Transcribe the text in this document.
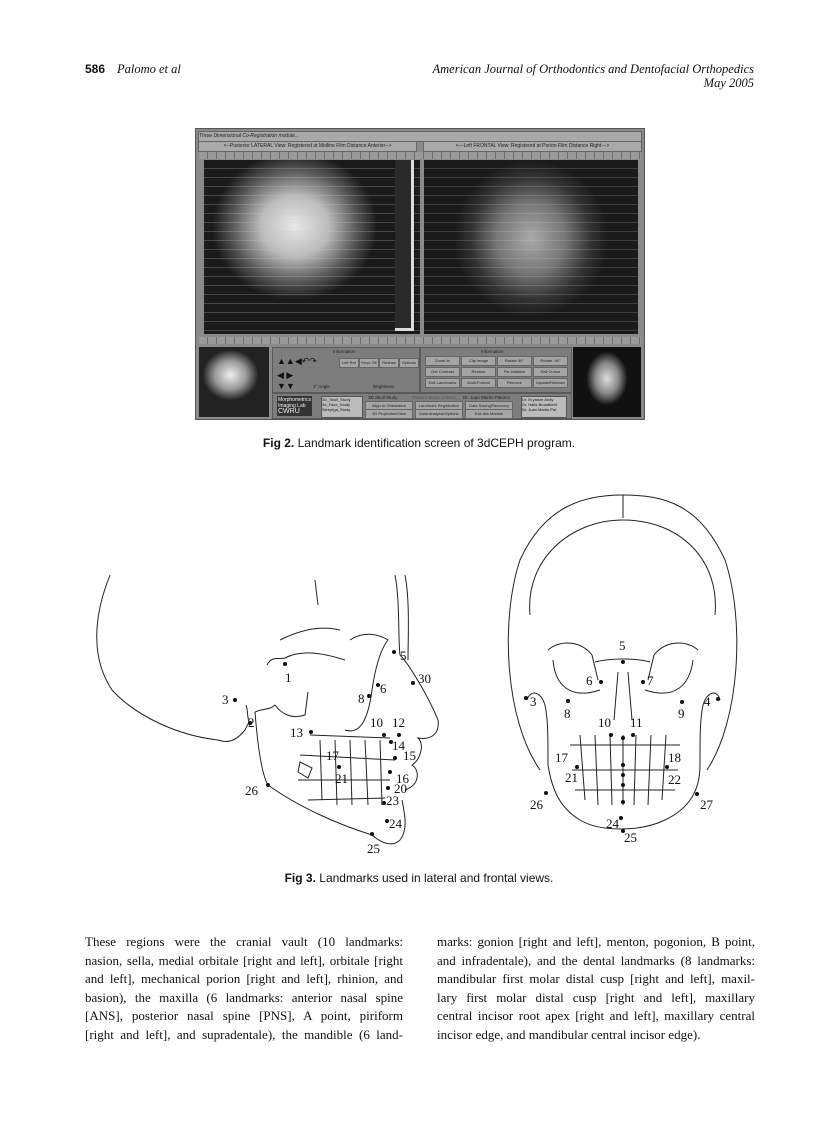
586 Palomo et al	American Journal of Orthodontics and Dentofacial Orthopedics
May 2005
Three Dimensional Co-Registration module...
<--Posterior LATERAL View: Registered at Midline Film Distance Anterior-->	<---Left FRONTAL View: Registered at Porion Film Distance Right--->
Information
▲▲◀↶↷	Left Rot	Keys Off	Redraw	Options
◀ ▶
▼▼	3° Angle	Brightness
Information
Zoom In	Clip Image	Rotate 90°	Rotate -90°
Get Contrast	Restore	Re-Initialize	Hall Cursor
Edit Landmarks	Multi-Format	Remove	Update/Release
Morphometrics
Imaging Lab
CWRU
3D_Skull_Study
3d_Face_Study
Sleepfga_Study
3D Skull Study	Patient Study (Clean) Dr. Juan Martin Palomo
Align to Orientation	Landmark Registration	Data Saving/Recovery
3D Projection/View	Data Analysis/Options	Exit this Module
Dr. M.yanze Andy
Dr. Hafiz Broadbent
Dr. Juan Martin Pal
Fig 2. Landmark identification screen of 3dCEPH program.
1
2
3
5
6
8
30
10 12
13
14
15
17
21	16
20
23
24
25
26
5
6	7
3	4
8	9
10 11
17	18
21	22
26	27
24
25
Fig 3. Landmarks used in lateral and frontal views.
These regions were the cranial vault (10 landmarks:
nasion, sella, medial orbitale [right and left], orbitale [right
and left], mechanical porion [right and left], rhinion, and
basion), the maxilla (6 landmarks: anterior nasal spine
[ANS], posterior nasal spine [PNS], A point, piriform
[right and left], and supradentale), the mandible (6 land-
marks: gonion [right and left], menton, pogonion, B point,
and infradentale), and the dental landmarks (8 landmarks:
mandibular first molar distal cusp [right and left], maxil-
lary first molar distal cusp [right and left], maxillary
central incisor root apex [right and left], maxillary central
incisor edge, and mandibular central incisor edge).
